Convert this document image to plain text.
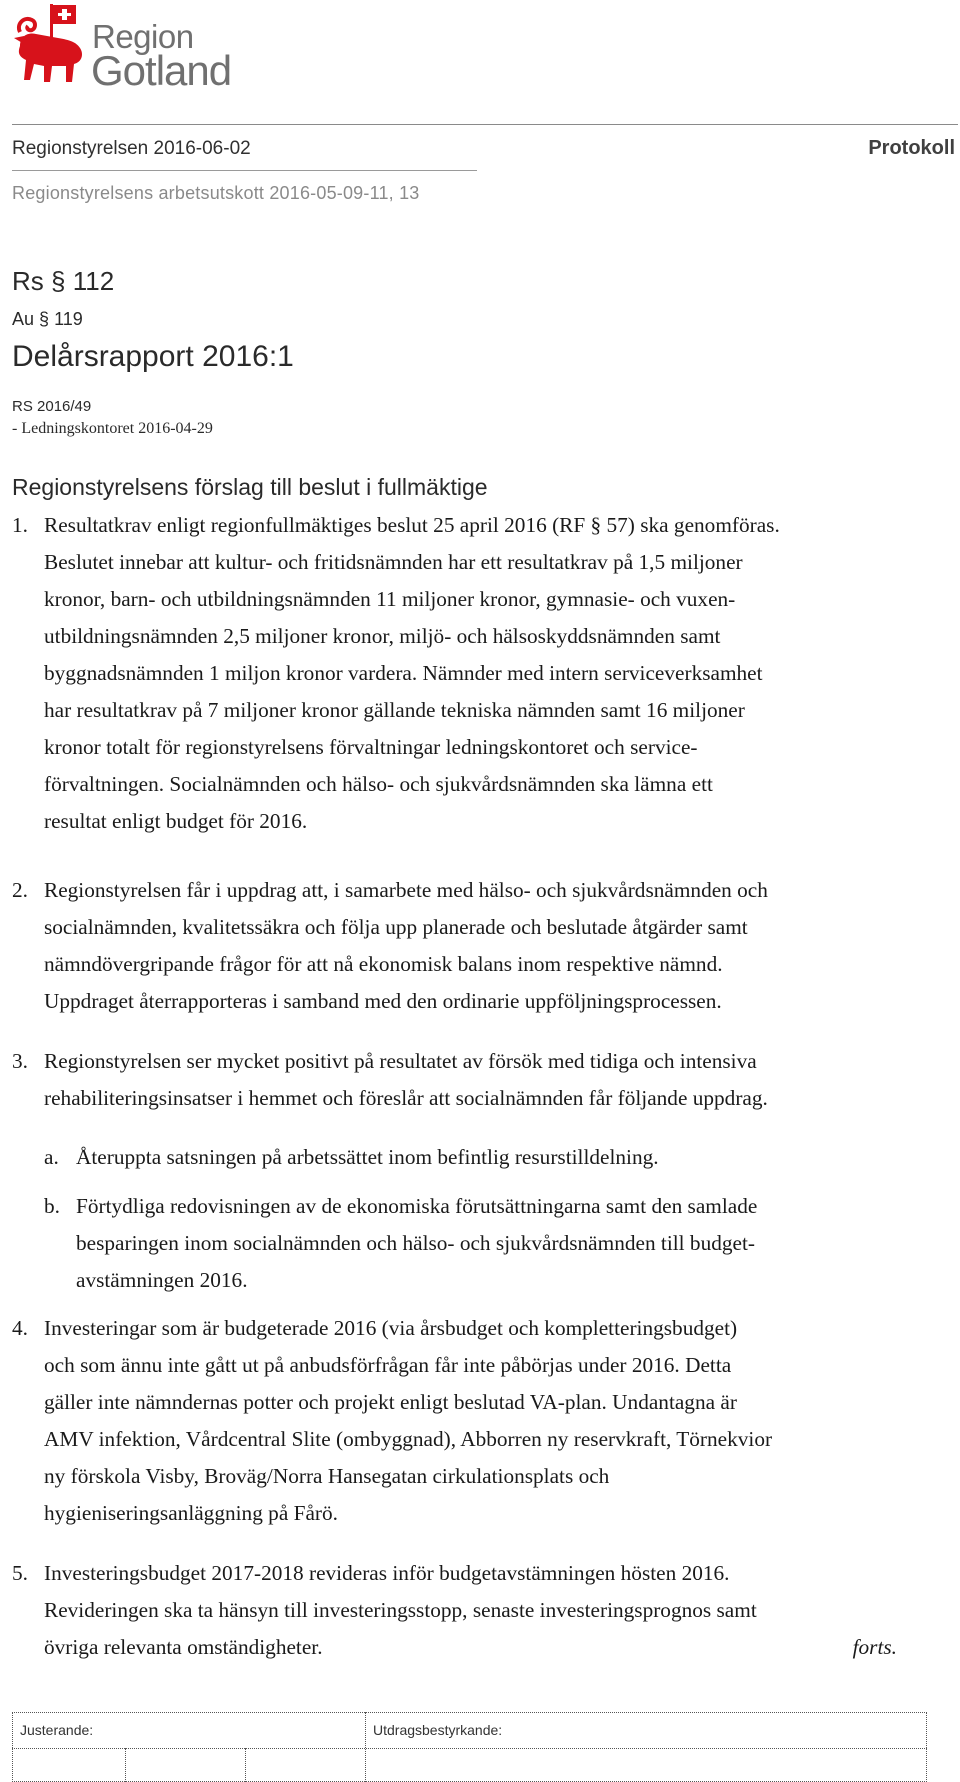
Region
Gotland
Regionstyrelsen 2016-06-02	Protokoll
Regionstyrelsens arbetsutskott 2016-05-09-11, 13
Rs § 112
Au § 119
Delårsrapport 2016:1
RS 2016/49
- Ledningskontoret 2016-04-29
Regionstyrelsens förslag till beslut i fullmäktige
1. Resultatkrav enligt regionfullmäktiges beslut 25 april 2016 (RF § 57) ska genomföras.
Beslutet innebar att kultur- och fritidsnämnden har ett resultatkrav på 1,5 miljoner
kronor, barn- och utbildningsnämnden 11 miljoner kronor, gymnasie- och vuxen-
utbildningsnämnden 2,5 miljoner kronor, miljö- och hälsoskyddsnämnden samt
byggnadsnämnden 1 miljon kronor vardera. Nämnder med intern serviceverksamhet
har resultatkrav på 7 miljoner kronor gällande tekniska nämnden samt 16 miljoner
kronor totalt för regionstyrelsens förvaltningar ledningskontoret och service-
förvaltningen. Socialnämnden och hälso- och sjukvårdsnämnden ska lämna ett
resultat enligt budget för 2016.
2. Regionstyrelsen får i uppdrag att, i samarbete med hälso- och sjukvårdsnämnden och
socialnämnden, kvalitetssäkra och följa upp planerade och beslutade åtgärder samt
nämndövergripande frågor för att nå ekonomisk balans inom respektive nämnd.
Uppdraget återrapporteras i samband med den ordinarie uppföljningsprocessen.
3. Regionstyrelsen ser mycket positivt på resultatet av försök med tidiga och intensiva
rehabiliteringsinsatser i hemmet och föreslår att socialnämnden får följande uppdrag.
a. Återuppta satsningen på arbetssättet inom befintlig resurstilldelning.
b. Förtydliga redovisningen av de ekonomiska förutsättningarna samt den samlade
besparingen inom socialnämnden och hälso- och sjukvårdsnämnden till budget-
avstämningen 2016.
4. Investeringar som är budgeterade 2016 (via årsbudget och kompletteringsbudget)
och som ännu inte gått ut på anbudsförfrågan får inte påbörjas under 2016. Detta
gäller inte nämndernas potter och projekt enligt beslutad VA-plan. Undantagna är
AMV infektion, Vårdcentral Slite (ombyggnad), Abborren ny reservkraft, Törnekvior
ny förskola Visby, Broväg/Norra Hansegatan cirkulationsplats och
hygieniseringsanläggning på Fårö.
5. Investeringsbudget 2017-2018 revideras inför budgetavstämningen hösten 2016.
Revideringen ska ta hänsyn till investeringsstopp, senaste investeringsprognos samt
övriga relevanta omständigheter.	forts.
Justerande:	Utdragsbestyrkande:
